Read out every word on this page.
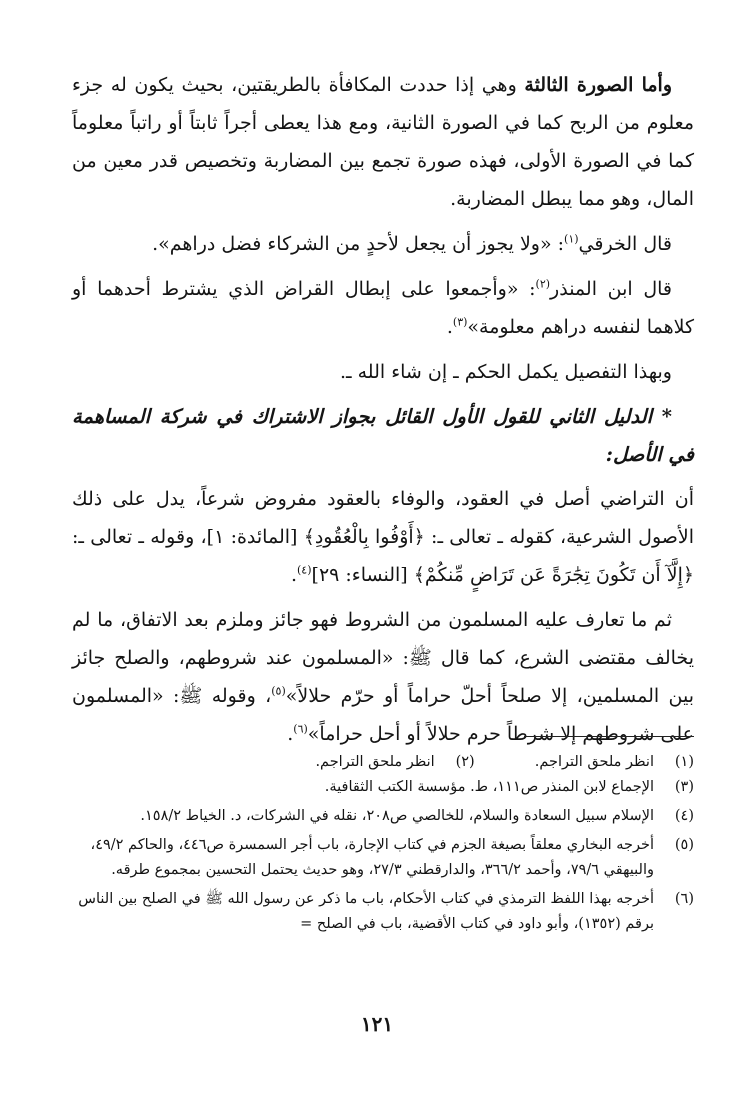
وأما الصورة الثالثة وهي إذا حددت المكافأة بالطريقتين، بحيث يكون له جزء معلوم من الربح كما في الصورة الثانية، ومع هذا يعطى أجراً ثابتاً أو راتباً معلوماً كما في الصورة الأولى، فهذه صورة تجمع بين المضاربة وتخصيص قدر معين من المال، وهو مما يبطل المضاربة.

قال الخرقي$^{(١)}$: «ولا يجوز أن يجعل لأحدٍ من الشركاء فضل دراهم».

قال ابن المنذر$^{(٢)}$: «وأجمعوا على إبطال القراض الذي يشترط أحدهما أو كلاهما لنفسه دراهم معلومة»$^{(٣)}$.

وبهذا التفصيل يكمل الحكم ـ إن شاء الله ـ.

* الدليل الثاني للقول الأول القائل بجواز الاشتراك في شركة المساهمة في الأصل:

أن التراضي أصل في العقود، والوفاء بالعقود مفروض شرعاً، يدل على ذلك الأصول الشرعية، كقوله ـ تعالى ـ: ﴿أَوْفُوا بِالْعُقُودِ﴾ [المائدة: ١]، وقوله ـ تعالى ـ: ﴿إِلَّآ أَن تَكُونَ تِجَٰرَةً عَن تَرَاضٍ مِّنكُمْ﴾ [النساء: ٢٩]$^{(٤)}$.

ثم ما تعارف عليه المسلمون من الشروط فهو جائز وملزم بعد الاتفاق، ما لم يخالف مقتضى الشرع، كما قال ﷺ: «المسلمون عند شروطهم، والصلح جائز بين المسلمين، إلا صلحاً أحلّ حراماً أو حرّم حلالاً»$^{(٥)}$، وقوله ﷺ: «المسلمون على شروطهم إلا شرطاً حرم حلالاً أو أحل حراماً»$^{(٦)}$.

(١)
انظر ملحق التراجم.
(٢)
انظر ملحق التراجم.
(٣)
الإجماع لابن المنذر ص١١١، ط. مؤسسة الكتب الثقافية.
(٤)
الإسلام سبيل السعادة والسلام، للخالصي ص٢٠٨، نقله في الشركات، د. الخياط ١٥٨/٢.
(٥)
أخرجه البخاري معلقاً بصيغة الجزم في كتاب الإجارة، باب أجر السمسرة ص٤٤٦، والحاكم ٤٩/٢، والبيهقي ٧٩/٦، وأحمد ٣٦٦/٢، والدارقطني ٢٧/٣، وهو حديث يحتمل التحسين بمجموع طرقه.
(٦)
أخرجه بهذا اللفظ الترمذي في كتاب الأحكام، باب ما ذكر عن رسول الله ﷺ في الصلح بين الناس برقم (١٣٥٢)، وأبو داود في كتاب الأقضية، باب في الصلح =
١٢١
